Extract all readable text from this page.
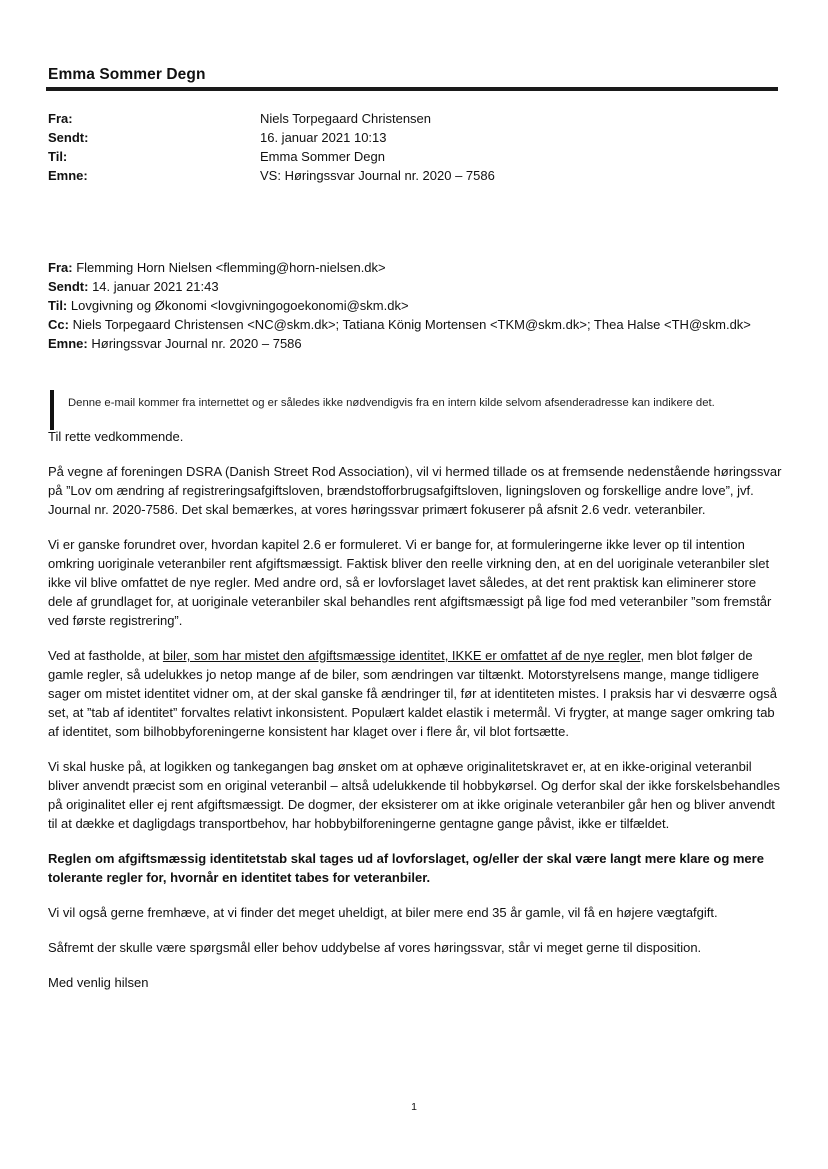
Emma Sommer Degn
Fra:	Niels Torpegaard Christensen
Sendt:	16. januar 2021 10:13
Til:	Emma Sommer Degn
Emne:	VS: Høringssvar Journal nr. 2020 – 7586
Fra: Flemming Horn Nielsen <flemming@horn-nielsen.dk>
Sendt: 14. januar 2021 21:43
Til: Lovgivning og Økonomi <lovgivningogoekonomi@skm.dk>
Cc: Niels Torpegaard Christensen <NC@skm.dk>; Tatiana König Mortensen <TKM@skm.dk>; Thea Halse <TH@skm.dk>
Emne: Høringssvar Journal nr. 2020 – 7586
Denne e-mail kommer fra internettet og er således ikke nødvendigvis fra en intern kilde selvom afsenderadresse kan indikere det.

Til rette vedkommende.

På vegne af foreningen DSRA (Danish Street Rod Association), vil vi hermed tillade os at fremsende nedenstående høringssvar på ”Lov om ændring af registreringsafgiftsloven, brændstofforbrugsafgiftsloven, ligningsloven og forskellige andre love”, jvf. Journal nr. 2020-7586. Det skal bemærkes, at vores høringssvar primært fokuserer på afsnit 2.6 vedr. veteranbiler.

Vi er ganske forundret over, hvordan kapitel 2.6 er formuleret. Vi er bange for, at formuleringerne ikke lever op til intention omkring uoriginale veteranbiler rent afgiftsmæssigt. Faktisk bliver den reelle virkning den, at en del uoriginale veteranbiler slet ikke vil blive omfattet de nye regler. Med andre ord, så er lovforslaget lavet således, at det rent praktisk kan eliminerer store dele af grundlaget for, at uoriginale veteranbiler skal behandles rent afgiftsmæssigt på lige fod med veteranbiler ”som fremstår ved første registrering”.

Ved at fastholde, at biler, som har mistet den afgiftsmæssige identitet, IKKE er omfattet af de nye regler, men blot følger de gamle regler, så udelukkes jo netop mange af de biler, som ændringen var tiltænkt. Motorstyrelsens mange, mange tidligere sager om mistet identitet vidner om, at der skal ganske få ændringer til, før at identiteten mistes. I praksis har vi desværre også set, at ”tab af identitet” forvaltes relativt inkonsistent. Populært kaldet elastik i metermål. Vi frygter, at mange sager omkring tab af identitet, som bilhobbyforeningerne konsistent har klaget over i flere år, vil blot fortsætte.

Vi skal huske på, at logikken og tankegangen bag ønsket om at ophæve originalitetskravet er, at en ikke-original veteranbil bliver anvendt præcist som en original veteranbil – altså udelukkende til hobbykørsel. Og derfor skal der ikke forskelsbehandles på originalitet eller ej rent afgiftsmæssigt. De dogmer, der eksisterer om at ikke originale veteranbiler går hen og bliver anvendt til at dække et dagligdags transportbehov, har hobbybilforeningerne gentagne gange påvist, ikke er tilfældet.

Reglen om afgiftsmæssig identitetstab skal tages ud af lovforslaget, og/eller der skal være langt mere klare og mere tolerante regler for, hvornår en identitet tabes for veteranbiler.

Vi vil også gerne fremhæve, at vi finder det meget uheldigt, at biler mere end 35 år gamle, vil få en højere vægtafgift.

Såfremt der skulle være spørgsmål eller behov uddybelse af vores høringssvar, står vi meget gerne til disposition.

Med venlig hilsen

1
